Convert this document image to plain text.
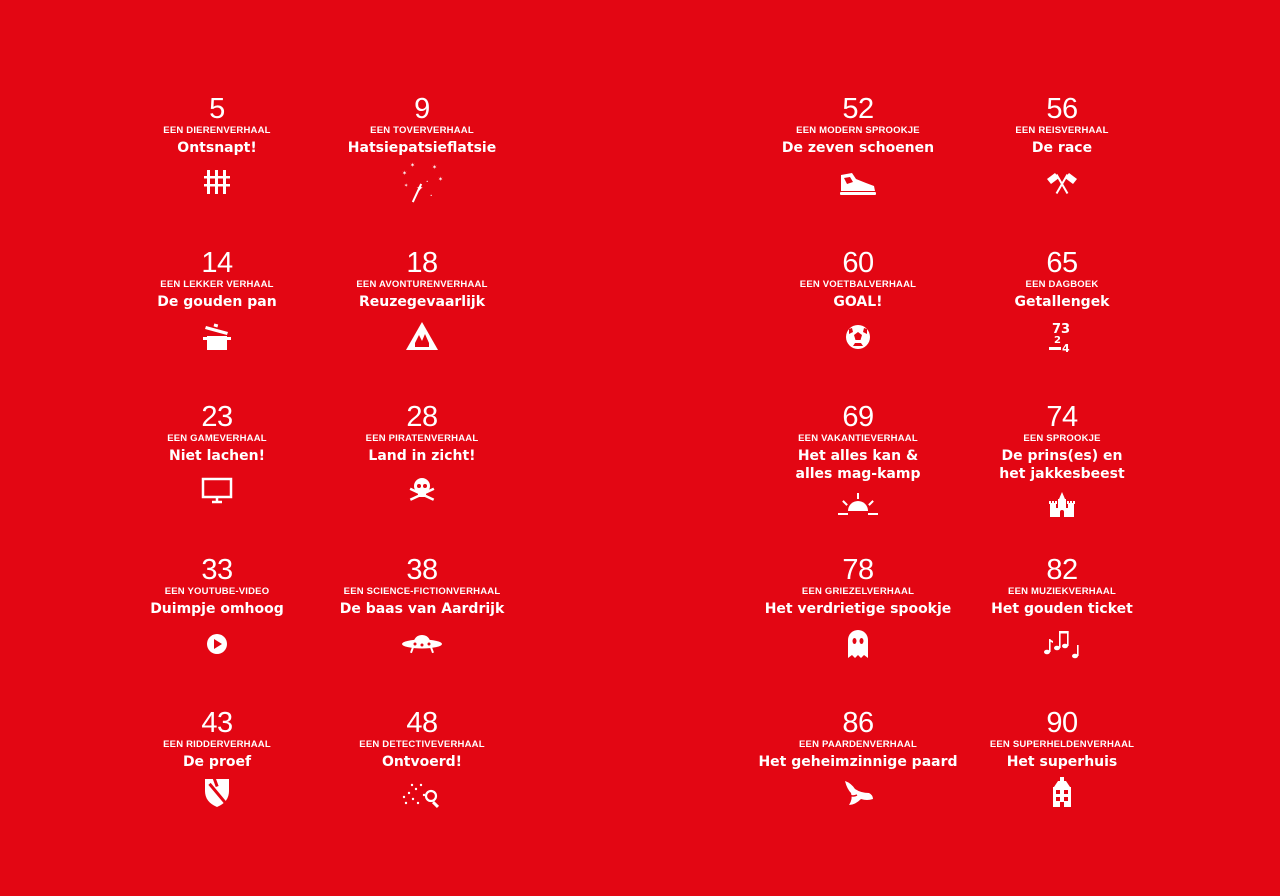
5
EEN DIERENVERHAAL
Ontsnapt!
9
EEN TOVERVERHAAL
Hatsiepatsieflatsie
✦
✶
✶	✶
✶
✶
•
•
52
EEN MODERN SPROOKJE
De zeven schoenen
56
EEN REISVERHAAL
De race
14
EEN LEKKER VERHAAL
De gouden pan
18
EEN AVONTURENVERHAAL
Reuzegevaarlijk
60
EEN VOETBALVERHAAL
GOAL!
65
EEN DAGBOEK
Getallengek
73
2
4
23
EEN GAMEVERHAAL
Niet lachen!
28
EEN PIRATENVERHAAL
Land in zicht!
69
EEN VAKANTIEVERHAAL
Het alles kan &
alles mag-kamp
74
EEN SPROOKJE
De prins(es) en
het jakkesbeest
33
EEN YOUTUBE-VIDEO
Duimpje omhoog
38
EEN SCIENCE-FICTIONVERHAAL
De baas van Aardrijk
78
EEN GRIEZELVERHAAL
Het verdrietige spookje
82
EEN MUZIEKVERHAAL
Het gouden ticket
43
EEN RIDDERVERHAAL
De proef
48
EEN DETECTIVEVERHAAL
Ontvoerd!
86
EEN PAARDENVERHAAL
Het geheimzinnige paard
90
EEN SUPERHELDENVERHAAL
Het superhuis
